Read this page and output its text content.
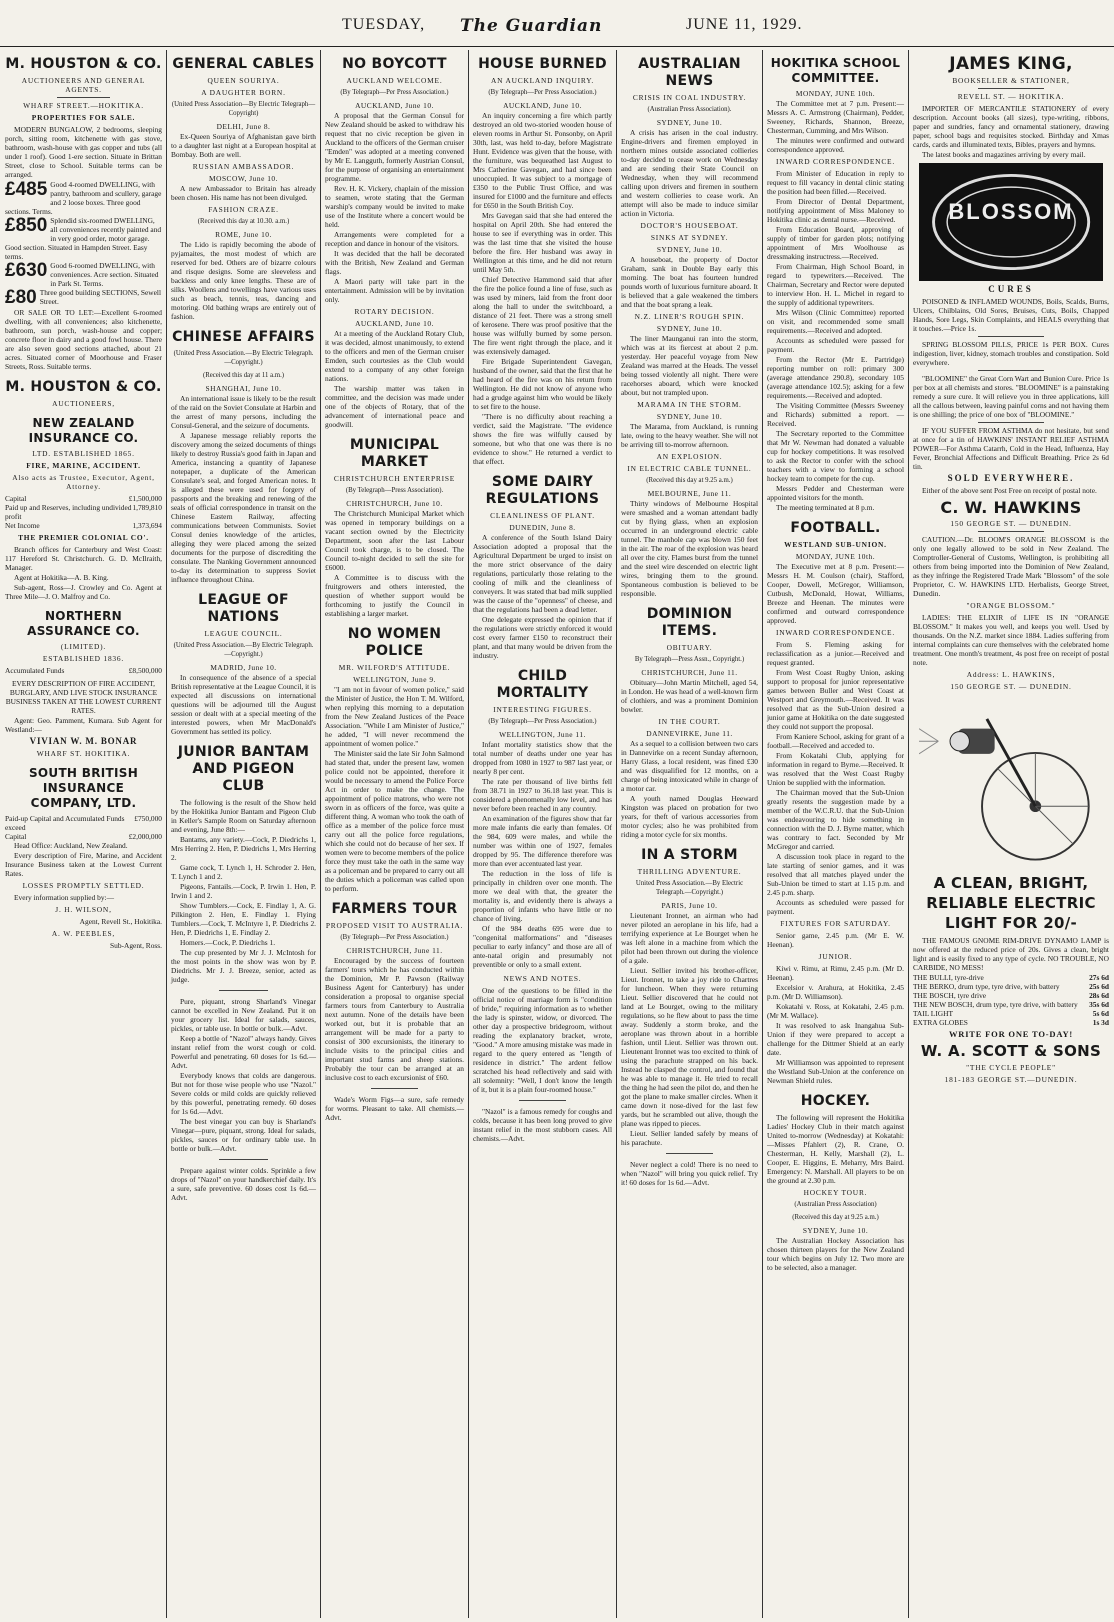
TUESDAY, The Guardian	JUNE 11, 1929.
M. HOUSTON & CO.
AUCTIONEERS AND GENERAL AGENTS.
WHARF STREET.—HOKITIKA.
PROPERTIES FOR SALE.

MODERN BUNGALOW, 2 bedrooms, sleeping porch, sitting room, kitchenette with gas stove, bathroom, wash-house with gas copper and tubs (all under 1 roof). Good 1-ere section. Situate in Brittan Street, close to School. Suitable terms can be arranged.

£485 Good 4-roomed DWELLING, with pantry, bathroom and scullery, garage and 2 loose boxes. Three good sections. Terms.
£850 Splendid six-roomed DWELLING, all conveniences recently painted and in very good order, motor garage. Good section. Situated in Hampden Street. Easy terms.
£630 Good 6-roomed DWELLING, with conveniences. Acre section. Situated in Park St. Terms.
£80 Three good building SECTIONS, Sewell Street.

OR SALE OR TO LET:—Excellent 6-roomed dwelling, with all conveniences; also kitchenette, bathroom, sun porch, wash-house and copper; concrete floor in dairy and a good fowl house. There are also seven good sections attached, about 21 acres. Situated corner of Moorhouse and Fraser Streets, Ross. Suitable terms.

M. HOUSTON & CO.
AUCTIONEERS,
NEW ZEALAND INSURANCE CO.
LTD. ESTABLISHED 1865.
FIRE, MARINE, ACCIDENT.
Also acts as Trustee, Executor, Agent, Attorney.
Capital	£1,500,000
Paid up and Reserves, including undivided profit
1,789,810
Net Income	1,373,694
THE PREMIER COLONIAL CO'.

Branch offices for Canterbury and West Coast: 117 Hereford St. Christchurch. G. D. McIlraith, Manager.

Agent at Hokitika—A. B. King.

Sub-agent, Ross—J. Crowley and Co. Agent at Three Mile—J. O. Malfroy and Co.

NORTHERN ASSURANCE CO.
(LIMITED).
ESTABLISHED 1836.
Accumulated Funds	£8,500,000

EVERY DESCRIPTION OF FIRE ACCIDENT, BURGLARY, AND LIVE STOCK INSURANCE BUSINESS TAKEN AT THE LOWEST CURRENT RATES.

Agent: Geo. Pamment, Kumara. Sub Agent for Westland:—

VIVIAN W. M. BONAR
WHARF ST. HOKITIKA.
SOUTH BRITISH INSURANCE COMPANY, LTD.
Paid-up Capital and Accumulated Funds exceed
£750,000
Capital	£2,000,000

Head Office: Auckland, New Zealand.

Every description of Fire, Marine, and Accident Insurance Business taken at the Lowest Current Rates.

LOSSES PROMPTLY SETTLED.

Every information supplied by:—

J. H. WILSON,
Agent, Revell St., Hokitika.
A. W. PEEBLES,
Sub-Agent, Ross.
GENERAL CABLES
QUEEN SOURIYA.
A DAUGHTER BORN.
(United Press Association—By Electric Telegraph—Copyright)
DELHI, June 8.

Ex-Queen Souriya of Afghanistan gave birth to a daughter last night at a European hospital at Bombay. Both are well.

RUSSIAN AMBASSADOR.
MOSCOW, June 10.

A new Ambassador to Britain has already been chosen. His name has not been divulged.

FASHION CRAZE.
(Received this day at 10.30. a.m.)
ROME, June 10.

The Lido is rapidly becoming the abode of pyjamaites, the most modest of which are reserved for bed. Others are of bizarre colours and risque designs. Some are sleeveless and backless and only knee lengths. These are of silks. Woollens and towellings have various uses such as beach, tennis, teas, dancing and motoring. Old bathing wraps are entirely out of fashion.

CHINESE AFFAIRS
(United Press Association.—By Electric Telegraph.—Copyright.)
(Received this day at 11 a.m.)
SHANGHAI, June 10.

An international issue is likely to be the result of the raid on the Soviet Consulate at Harbin and the arrest of many persons, including the Consul-General, and the seizure of documents.

A Japanese message reliably reports the discovery among the seized documents of things likely to destroy Russia's good faith in Japan and America, instancing a quantity of Japanese notepaper, a duplicate of the American Consulate's seal, and forged American notes. It is alleged these were used for forgery of passports and the breaking and renewing of the seals of official correspondence in transit on the Chinese Eastern Railway, affecting communications between Communists. Soviet Consul denies knowledge of the articles, alleging they were placed among the seized documents for the purpose of discrediting the consulate. The Nanking Government announced to-day its determination to suppress Soviet influence throughout China.

LEAGUE OF NATIONS
LEAGUE COUNCIL.
(United Press Association.—By Electric Telegraph.—Copyright.)
MADRID, June 10.

In consequence of the absence of a special British representative at the League Council, it is expected all discussions on international questions will be adjourned till the August session or dealt with at a special meeting of the interested powers, when Mr MacDonald's Government has settled its policy.

JUNIOR BANTAM AND PIGEON CLUB

The following is the result of the Show held by the Hokitika Junior Bantam and Pigeon Club in Keller's Sample Room on Saturday afternoon and evening, June 8th:—

Bantams, any variety.—Cock, P. Diedrichs 1, Mrs Herring 2. Hen, P. Diedrichs 1, Mrs Herring 2.

Game cock, T. Lynch 1, H. Schroder 2. Hen, T. Lynch 1 and 2.

Pigeons, Fantails.—Cock, P. Irwin 1. Hen, P. Irwin 1 and 2.

Show Tumblers.—Cock, E. Findlay 1, A. G. Pilkington 2. Hen, E. Findlay 1. Flying Tumblers.—Cock, T. McIntyre 1, P. Diedrichs 2. Hen, P. Diedrichs 1, E. Findlay 2.

Homers.—Cock, P. Diedrichs 1.

The cup presented by Mr J. J. McIntosh for the most points in the show was won by P. Diedrichs. Mr J. J. Breeze, senior, acted as judge.

Pure, piquant, strong Sharland's Vinegar cannot be excelled in New Zealand. Put it on your grocery list. Ideal for salads, sauces, pickles, or table use. In bottle or bulk.—Advt.

Keep a bottle of "Nazol" always handy. Gives instant relief from the worst cough or cold. Powerful and penetrating. 60 doses for 1s 6d.—Advt.

Everybody knows that colds are dangerous. But not for those wise people who use "Nazol." Severe colds or mild colds are quickly relieved by this powerful, penetrating remedy. 60 doses for 1s 6d.—Advt.

The best vinegar you can buy is Sharland's Vinegar—pure, piquant, strong. Ideal for salads, pickles, sauces or for ordinary table use. In bottle or bulk.—Advt.

Prepare against winter colds. Sprinkle a few drops of "Nazol" on your handkerchief daily. It's a sure, safe preventive. 60 doses cost 1s 6d.—Advt.

NO BOYCOTT
AUCKLAND WELCOME.
(By Telegraph—Per Press Association.)
AUCKLAND, June 10.

A proposal that the German Consul for New Zealand should be asked to withdraw his request that no civic reception be given in Auckland to the officers of the German cruiser "Emden" was adopted at a meeting convened by Mr E. Langguth, formerly Austrian Consul, for the purpose of organising an entertainment programme.

Rev. H. K. Vickery, chaplain of the mission to seamen, wrote stating that the German warship's company would be invited to make use of the Institute where a concert would be held.

Arrangements were completed for a reception and dance in honour of the visitors.

It was decided that the hall be decorated with the British, New Zealand and German flags.

A Maori party will take part in the entertainment. Admission will be by invitation only.

ROTARY DECISION.
AUCKLAND, June 10.

At a meeting of the Auckland Rotary Club, it was decided, almost unanimously, to extend to the officers and men of the German cruiser Emden, such courtesies as the Club would extend to a company of any other foreign nations.

The warship matter was taken in committee, and the decision was made under one of the objects of Rotary, that of the advancement of international peace and goodwill.

MUNICIPAL MARKET
CHRISTCHURCH ENTERPRISE
(By Telegraph—Press Association).
CHRISTCHURCH, June 10.

The Christchurch Municipal Market which was opened in temporary buildings on a vacant section owned by the Electricity Department, soon after the last Labour Council took charge, is to be closed. The Council to-night decided to sell the site for £6000.

A Committee is to discuss with the fruitgrowers and others interested, the question of whether support would be forthcoming to justify the Council in establishing a larger market.

NO WOMEN POLICE
MR. WILFORD'S ATTITUDE.
WELLINGTON, June 9.

"I am not in favour of women police," said the Minister of Justice, the Hon T. M. Wilford, when replying this morning to a deputation from the New Zealand Justices of the Peace Association. "While I am Minister of Justice," he added, "I will never recommend the appointment of women police."

The Minister said the late Sir John Salmond had stated that, under the present law, women police could not be appointed, therefore it would be necessary to amend the Police Force Act in order to make the change. The appointment of police matrons, who were not sworn in as officers of the force, was quite a different thing. A woman who took the oath of office as a member of the police force must carry out all the police force regulations, which she could not do because of her sex. If women were to become members of the police force they must take the oath in the same way as a policeman and be prepared to carry out all the duties which a policeman was called upon to perform.

FARMERS TOUR
PROPOSED VISIT TO AUSTRALIA.
(By Telegraph—Per Press Association.)
CHRISTCHURCH, June 11.

Encouraged by the success of fourteen farmers' tours which he has conducted within the Dominion, Mr P. Pawson (Railway Business Agent for Canterbury) has under consideration a proposal to organise special farmers tours from Canterbury to Australia next autumn. None of the details have been worked out, but it is probable that an arrangement will be made for a party to consist of 300 excursionists, the itinerary to include visits to the principal cities and important stud farms and sheep stations. Probably the tour can be arranged at an inclusive cost to each excursionist of £60.

Wade's Worm Figs—a sure, safe remedy for worms. Pleasant to take. All chemists.—Advt.

HOUSE BURNED
AN AUCKLAND INQUIRY.
(By Telegraph—Per Press Association.)
AUCKLAND, June 10.

An inquiry concerning a fire which partly destroyed an old two-storied wooden house of eleven rooms in Arthur St. Ponsonby, on April 30th, last, was held to-day, before Magistrate Hunt. Evidence was given that the house, with the furniture, was bequeathed last August to Mrs Catherine Gavegan, and had since been unoccupied. It was subject to a mortgage of £350 to the Public Trust Office, and was insured for £1000 and the furniture and effects for £650 in the South British Coy.

Mrs Gavegan said that she had entered the hospital on April 20th. She had entered the house to see if everything was in order. This was the last time that she visited the house before the fire. Her husband was away in Wellington at this time, and he did not return until May 5th.

Chief Detective Hammond said that after the fire the police found a line of fuse, such as was used by miners, laid from the front door along the hall to under the switchboard, a distance of 21 feet. There was a strong smell of kerosene. There was proof positive that the house was wilfully burned by some person. The fire went right through the place, and it was extensively damaged.

Fire Brigade Superintendent Gavegan, husband of the owner, said that the first that he had heard of the fire was on his return from Wellington. He did not know of anyone who had a grudge against him who would be likely to set fire to the house.

"There is no difficulty about reaching a verdict, said the Magistrate. "The evidence shows the fire was wilfully caused by someone, but who that one was there is no evidence to show." He returned a verdict to that effect.

SOME DAIRY REGULATIONS
CLEANLINESS OF PLANT.
DUNEDIN, June 8.

A conference of the South Island Dairy Association adopted a proposal that the Agricultural Department be urged to insist on the more strict observance of the dairy regulations, particularly those relating to the cooling of milk and the cleanliness of conveyers. It was stated that bad milk supplied was the cause of the "openness" of cheese, and that the regulations had been a dead letter.

One delegate expressed the opinion that if the regulations were strictly enforced it would cost every farmer £150 to reconstruct their plant, and that many would be driven from the industry.

CHILD MORTALITY
INTERESTING FIGURES.
(By Telegraph—Per Press Association.)
WELLINGTON, June 11.

Infant mortality statistics show that the total number of deaths under one year has dropped from 1080 in 1927 to 987 last year, or nearly 8 per cent.

The rate per thousand of live births fell from 38.71 in 1927 to 36.18 last year. This is considered a phenomenally low level, and has never before been reached in any country.

An examination of the figures show that far more male infants die early than females. Of the 984, 609 were males, and while the number was within one of 1927, females dropped by 95. The difference therefore was more than ever accentuated last year.

The reduction in the loss of life is principally in children over one month. The more we deal with that, the greater the mortality is, and evidently there is always a proportion of infants who have little or no chance of living.

Of the 984 deaths 695 were due to "congenital malformations" and "diseases peculiar to early infancy" and those are all of ante-natal origin and presumably not preventible or only to a small extent.

NEWS AND NOTES.

One of the questions to be filled in the official notice of marriage form is "condition of bride," requiring information as to whether the lady is spinster, widow, or divorced. The other day a prospective bridegroom, without reading the explanatory bracket, wrote, "Good." A more amusing mistake was made in regard to the query entered as "length of residence in district." The ardent fellow scratched his head reflectively and said with all solemnity: "Well, I don't know the length of it, but it is a plain four-roomed house."

"Nazol" is a famous remedy for coughs and colds, because it has been long proved to give instant relief in the most stubborn cases. All chemists.—Advt.

AUSTRALIAN NEWS
CRISIS IN COAL INDUSTRY.
(Australian Press Association).
SYDNEY, June 10.

A crisis has arisen in the coal industry. Engine-drivers and firemen employed in northern mines outside associated collieries to-day decided to cease work on Wednesday and are sending their State Council on Wednesday, when they will recommend calling upon drivers and firemen in southern and western collieries to cease work. An attempt will also be made to induce similar action in Victoria.

DOCTOR'S HOUSEBOAT.
SINKS AT SYDNEY.
SYDNEY, June 10.

A houseboat, the property of Doctor Graham, sank in Double Bay early this morning. The boat has fourteen hundred pounds worth of luxurious furniture aboard. It is believed that a gale weakened the timbers and that the boat sprang a leak.

N.Z. LINER'S ROUGH SPIN.
SYDNEY, June 10.

The liner Maunganui ran into the storm, which was at its fiercest at about 2 p.m. yesterday. Her peaceful voyage from New Zealand was marred at the Heads. The vessel being tossed violently all night. There were racehorses aboard, which were knocked about, but not trampled upon.

MARAMA IN THE STORM.
SYDNEY, June 10.

The Marama, from Auckland, is running late, owing to the heavy weather. She will not be arriving till to-morrow afternoon.

AN EXPLOSION.
IN ELECTRIC CABLE TUNNEL.
(Received this day at 9.25 a.m.)
MELBOURNE, June 11.

Thirty windows of Melbourne Hospital were smashed and a woman attendant badly cut by flying glass, when an explosion occurred in an underground electric cable tunnel. The manhole cap was blown 150 feet in the air. The roar of the explosion was heard all over the city. Flames burst from the tunnel and the steel wire descended on electric light wires, bringing them to the ground. Spontaneous combustion is believed to be responsible.

DOMINION ITEMS.
OBITUARY.
By Telegraph—Press Assn., Copyright.)
CHRISTCHURCH, June 11.

Obituary—John Martin Mitchell, aged 54, in London. He was head of a well-known firm of clothiers, and was a prominent Dominion bowler.

IN THE COURT.
DANNEVIRKE, June 11.

As a sequel to a collision between two cars in Dannevirke on a recent Sunday afternoon, Harry Glass, a local resident, was fined £30 and was disqualified for 12 months, on a charge of being intoxicated while in charge of a motor car.

A youth named Douglas Heeward Kingston was placed on probation for two years, for theft of various accessories from motor cycles; also he was prohibited from riding a motor cycle for six months.

IN A STORM
THRILLING ADVENTURE.
United Press Association.—By Electric Telegraph.—Copyright.)
PARIS, June 10.

Lieutenant Ironnet, an airman who had never piloted an aeroplane in his life, had a terrifying experience at Le Bourget when he was left alone in a machine from which the pilot had been thrown out during the violence of a gale.

Lieut. Sellier invited his brother-officer, Lieut. Ironnet, to take a joy ride to Chartres for luncheon. When they were returning Lieut. Sellier discovered that he could not land at Le Bourget, owing to the military regulations, so he flew about to pass the time away. Suddenly a storm broke, and the aeroplane was thrown about in a horrible fashion, until Lieut. Sellier was thrown out. Lieutenant Ironnet was too excited to think of using the parachute strapped on his back. Instead he clasped the control, and found that he was able to manage it. He tried to recall the thing he had seen the pilot do, and then he got the plane to make smaller circles. When it came down it nose-dived for the last few yards, but he scrambled out alive, though the plane was ripped to pieces.

Lieut. Sellier landed safely by means of his parachute.

Never neglect a cold! There is no need to when "Nazol" will bring you quick relief. Try it! 60 doses for 1s 6d.—Advt.

HOKITIKA SCHOOL COMMITTEE.
MONDAY, JUNE 10th.

The Committee met at 7 p.m. Present:—Messrs A. C. Armstrong (Chairman), Pedder, Sweeney, Richards, Shannon, Breeze, Chesterman, Cumming, and Mrs Wilson.

The minutes were confirmed and outward correspondence approved.

INWARD CORRESPONDENCE.

From Minister of Education in reply to request to fill vacancy in dental clinic stating the position had been filled.—Received.

From Director of Dental Department, notifying appointment of Miss Maloney to Hokitika clinic as dental nurse.—Received.

From Education Board, approving of supply of timber for garden plots; notifying appointment of Mrs Woolhouse as dressmaking instructress.—Received.

From Chairman, High School Board, in regard to typewriters.—Received. The Chairman, Secretary and Rector were deputed to interview Hon. H. L. Michel in regard to the supply of additional typewriters.

Mrs Wilson (Clinic Committee) reported on visit, and recommended some small requirements.—Received and adopted.

Accounts as scheduled were passed for payment.

From the Rector (Mr E. Partridge) reporting number on roll: primary 300 (average attendance 290.8), secondary 105 (average attendance 102.5); asking for a few requirements.—Received and adopted.

The Visiting Committee (Messrs Sweeney and Richards) submitted a report. —Received.

The Secretary reported to the Committee that Mr W. Newman had donated a valuable cup for hockey competitions. It was resolved to ask the Rector to confer with the school teachers with a view to forming a school hockey team to compete for the cup.

Messrs Pedder and Chesterman were appointed visitors for the month.

The meeting terminated at 8 p.m.

FOOTBALL.
WESTLAND SUB-UNION.
MONDAY, JUNE 10th.

The Executive met at 8 p.m. Present:—Messrs H. M. Coulson (chair), Stafford, Cooper, Dowell, McGregor, Williamson, Cutbush, McDonald, Howat, Williams, Breeze and Heenan. The minutes were confirmed and outward correspondence approved.

INWARD CORRESPONDENCE.

From S. Fleming asking for reclassification as a junior.—Received and request granted.

From West Coast Rugby Union, asking support to proposal for junior representative games between Buller and West Coast at Westport and Greymouth.—Received. It was resolved that as the Sub-Union desired a junior game at Hokitika on the date suggested they could not support the proposal.

From Kaniere School, asking for grant of a football.—Received and acceded to.

From Kokatahi Club, applying for information in regard to Byrne.—Received. It was resolved that the West Coast Rugby Union be supplied with the information.

The Chairman moved that the Sub-Union greatly resents the suggestion made by a member of the W.C.R.U. that the Sub-Union was endeavouring to hide something in connection with the D. J. Byrne matter, which was contrary to fact. Seconded by Mr McGregor and carried.

A discussion took place in regard to the late starting of senior games, and it was resolved that all matches played under the Sub-Union be timed to start at 1.15 p.m. and 2.45 p.m. sharp.

Accounts as scheduled were passed for payment.

FIXTURES FOR SATURDAY.

Senior game, 2.45 p.m. (Mr E. W. Heenan).

JUNIOR.

Kiwi v. Rimu, at Rimu, 2.45 p.m. (Mr D. Heenan).

Excelsior v. Arahura, at Hokitika, 2.45 p.m. (Mr D. Williamson).

Kokatahi v. Ross, at Kokatahi, 2.45 p.m. (Mr M. Wallace).

It was resolved to ask Inangahua Sub-Union if they were prepared to accept a challenge for the Dittmer Shield at an early date.

Mr Williamson was appointed to represent the Westland Sub-Union at the conference on Newman Shield rules.

HOCKEY.

The following will represent the Hokitika Ladies' Hockey Club in their match against United to-morrow (Wednesday) at Kokatahi:—Misses Pfahlert (2), R. Crane, O. Chesterman, H. Kelly, Marshall (2), L. Cooper, E. Higgins, E. Meharry, Mrs Baird. Emergency: N. Marshall. All players to be on the ground at 2.30 p.m.

HOCKEY TOUR.
(Australian Press Association)
(Received this day at 9.25 a.m.)
SYDNEY, June 10.

The Australian Hockey Association has chosen thirteen players for the New Zealand tour which begins on July 12. Two more are to be selected, also a manager.

JAMES KING,
BOOKSELLER & STATIONER,
REVELL ST. — HOKITIKA.

IMPORTER OF MERCANTILE STATIONERY of every description. Account books (all sizes), type-writing, ribbons, paper and sundries, fancy and ornamental stationery, drawing paper, school bags and requisites stocked. Birthday and Xmas cards, cards and illuminated texts, Bibles, prayers and hymns.

The latest books and magazines arriving by every mail.

BLOSSOM
CURES

POISONED & INFLAMED WOUNDS, Boils, Scalds, Burns, Ulcers, Chilblains, Old Sores, Bruises, Cuts, Boils, Chapped Hands, Sore Legs, Skin Complaints, and HEALS everything that it touches.—Price 1s.

SPRING BLOSSOM PILLS, PRICE 1s PER BOX. Cures indigestion, liver, kidney, stomach troubles and constipation. Sold everywhere.

"BLOOMINE" the Great Corn Wart and Bunion Cure. Price 1s per box at all chemists and stores. "BLOOMINE" is a painstaking remedy a sure cure. It will relieve you in three applications, kill all the callous between, leaving painful corns and not having them is one shilling; the price of one box of "BLOOMINE."

IF YOU SUFFER FROM ASTHMA do not hesitate, but send at once for a tin of HAWKINS' INSTANT RELIEF ASTHMA POWER—For Asthma Catarrh, Cold in the Head, Influenza, Hay Fever, Bronchial Affections and Difficult Breathing. Price 2s 6d tin.

SOLD EVERYWHERE.

Either of the above sent Post Free on receipt of postal note.

C. W. HAWKINS
150 GEORGE ST. — DUNEDIN.

CAUTION.—Dr. BLOOM'S ORANGE BLOSSOM is the only one legally allowed to be sold in New Zealand. The Comptroller-General of Customs, Wellington, is prohibiting all others from being imported into the Dominion of New Zealand, as they infringe the Registered Trade Mark "Blossom" of the sole Proprietor, C. W. HAWKINS LTD. Herbalists, George Street, Dunedin.

"ORANGE BLOSSOM."

LADIES: THE ELIXIR of LIFE IS IN "ORANGE BLOSSOM." It makes you well, and keeps you well. Used by thousands. On the N.Z. market since 1884. Ladies suffering from internal complaints can cure themselves with the celebrated home treatment. One month's treatment, 4s post free on receipt of postal note.

Address: L. HAWKINS,
150 GEORGE ST. — DUNEDIN.
A CLEAN, BRIGHT, RELIABLE ELECTRIC LIGHT FOR 20/-

THE FAMOUS GNOME RIM-DRIVE DYNAMO LAMP is now offered at the reduced price of 20s. Gives a clean, bright light and is easily fixed to any type of cycle. NO TROUBLE, NO CARBIDE, NO MESS!

THE BULLI, tyre-drive	27s 6d
THE BERKO, drum type, tyre drive, with battery	25s 6d
THE BOSCH, tyre drive	28s 6d
THE NEW BOSCH, drum type, tyre drive, with battery 35s 6d
TAIL LIGHT	5s 6d
EXTRA GLOBES	1s 3d
WRITE FOR ONE TO-DAY!
W. A. SCOTT & SONS
"THE CYCLE PEOPLE"
181-183 GEORGE ST.—DUNEDIN.
